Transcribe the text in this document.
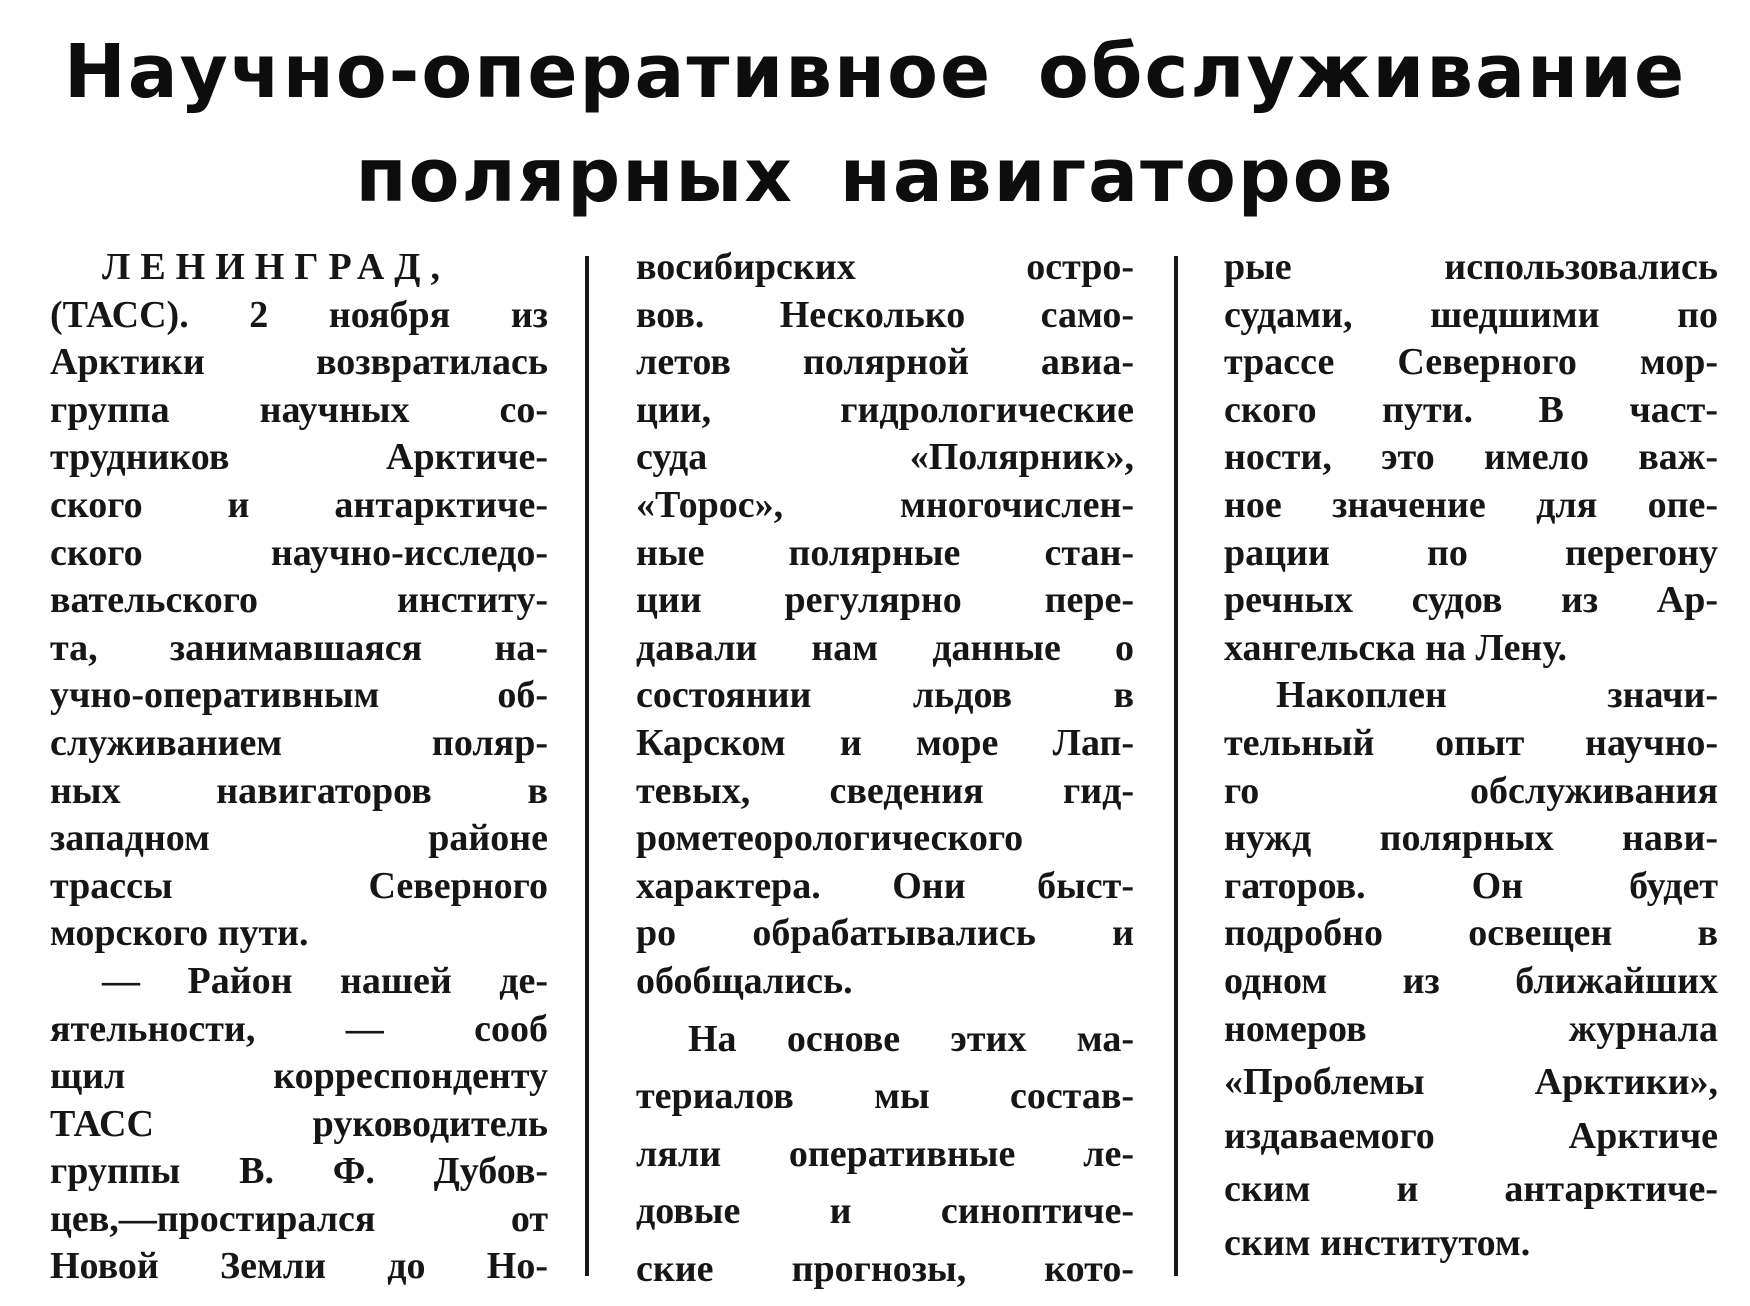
Научно-оперативное обслуживание
полярных навигаторов
ЛЕНИНГРАД,
(ТАСС). 2 ноября из
Арктики возвратилась
группа научных со-
трудников Арктиче-
ского и антарктиче-
ского научно-исследо-
вательского институ-
та, занимавшаяся на-
учно-оперативным об-
служиванием поляр-
ных навигаторов в
западном районе
трассы Северного
морского пути.
— Район нашей де-
ятельности, — сооб
щил корреспонденту
ТАСС руководитель
группы В. Ф. Дубов-
цев,—простирался от
Новой Земли до Но-
восибирских остро-
вов. Несколько само-
летов полярной авиа-
ции, гидрологические
суда «Полярник»,
«Торос», многочислен-
ные полярные стан-
ции регулярно пере-
давали нам данные о
состоянии льдов в
Карском и море Лап-
тевых, сведения гид-
рометеорологического
характера. Они быст-
ро обрабатывались и
обобщались.
На основе этих ма-
териалов мы состав-
ляли оперативные ле-
довые и синоптиче-
ские прогнозы, кото-
рые использовались
судами, шедшими по
трассе Северного мор-
ского пути. В част-
ности, это имело важ-
ное значение для опе-
рации по перегону
речных судов из Ар-
хангельска на Лену.
Накоплен значи-
тельный опыт научно-
го обслуживания
нужд полярных нави-
гаторов. Он будет
подробно освещен в
одном из ближайших
номеров журнала
«Проблемы Арктики»,
издаваемого Арктиче
ским и антарктиче-
ским институтом.
